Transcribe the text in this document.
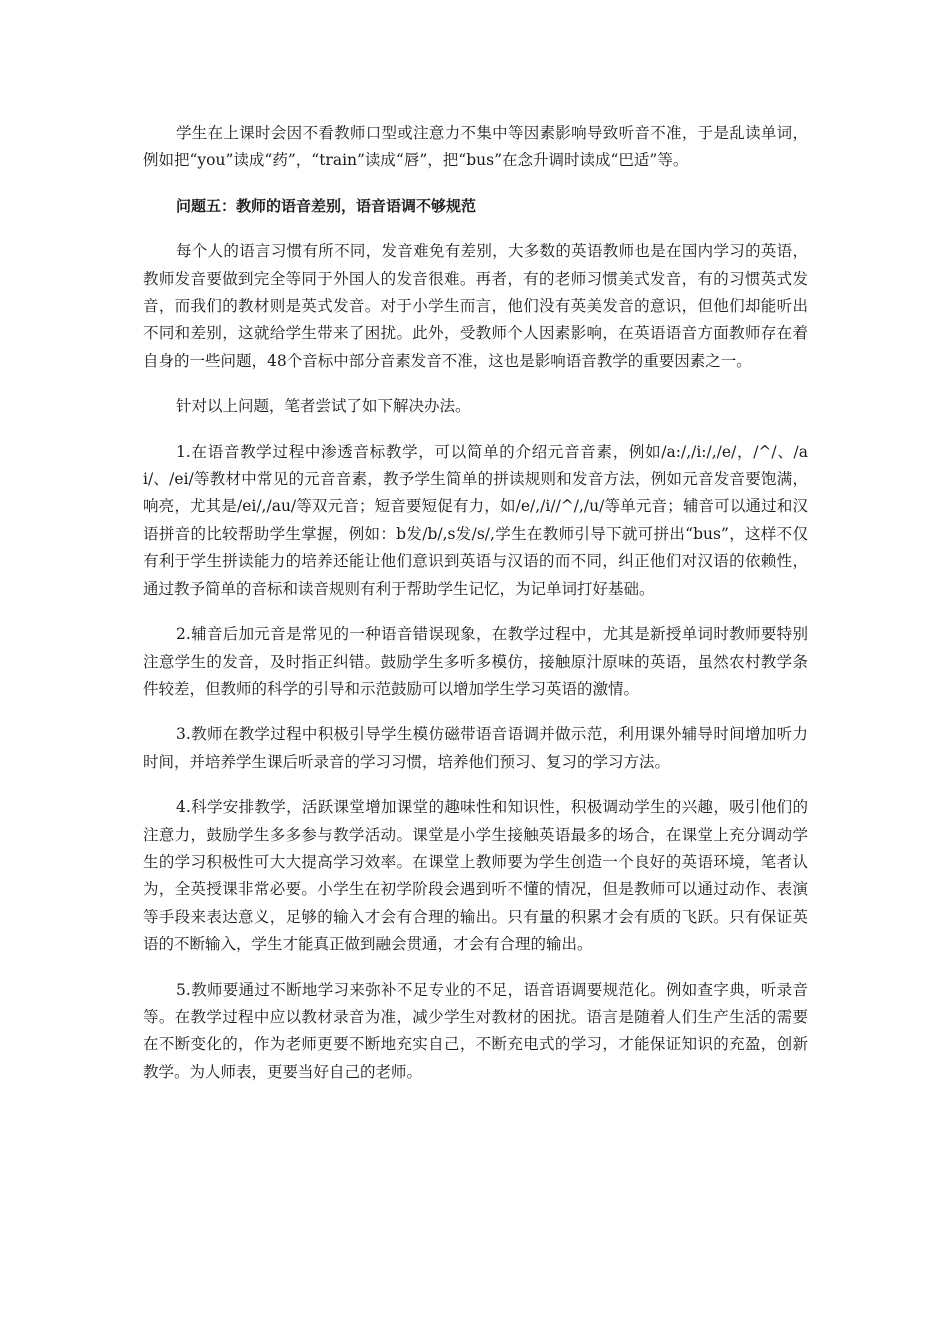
学生在上课时会因不看教师口型或注意力不集中等因素影响导致听音不准，于是乱读单词，例如把“you”读成“药”，“train”读成“唇”，把“bus”在念升调时读成“巴适”等。

问题五：教师的语音差别，语音语调不够规范

每个人的语言习惯有所不同，发音难免有差别，大多数的英语教师也是在国内学习的英语，教师发音要做到完全等同于外国人的发音很难。再者，有的老师习惯美式发音，有的习惯英式发音，而我们的教材则是英式发音。对于小学生而言，他们没有英美发音的意识，但他们却能听出不同和差别，这就给学生带来了困扰。此外，受教师个人因素影响，在英语语音方面教师存在着自身的一些问题，48个音标中部分音素发音不准，这也是影响语音教学的重要因素之一。

针对以上问题，笔者尝试了如下解决办法。

1.在语音教学过程中渗透音标教学，可以简单的介绍元音音素，例如/a:/,/i:/,/e/，/^/、/ai/、/ei/等教材中常见的元音音素，教予学生简单的拼读规则和发音方法，例如元音发音要饱满，响亮，尤其是/ei/,/au/等双元音；短音要短促有力，如/e/,/i//^/,/u/等单元音；辅音可以通过和汉语拼音的比较帮助学生掌握，例如：b发/b/,s发/s/,学生在教师引导下就可拼出“bus”，这样不仅有利于学生拼读能力的培养还能让他们意识到英语与汉语的而不同，纠正他们对汉语的依赖性，通过教予简单的音标和读音规则有利于帮助学生记忆，为记单词打好基础。

2.辅音后加元音是常见的一种语音错误现象，在教学过程中，尤其是新授单词时教师要特别注意学生的发音，及时指正纠错。鼓励学生多听多模仿，接触原汁原味的英语，虽然农村教学条件较差，但教师的科学的引导和示范鼓励可以增加学生学习英语的激情。

3.教师在教学过程中积极引导学生模仿磁带语音语调并做示范，利用课外辅导时间增加听力时间，并培养学生课后听录音的学习习惯，培养他们预习、复习的学习方法。

4.科学安排教学，活跃课堂增加课堂的趣味性和知识性，积极调动学生的兴趣，吸引他们的注意力，鼓励学生多多参与教学活动。课堂是小学生接触英语最多的场合，在课堂上充分调动学生的学习积极性可大大提高学习效率。在课堂上教师要为学生创造一个良好的英语环境，笔者认为，全英授课非常必要。小学生在初学阶段会遇到听不懂的情况，但是教师可以通过动作、表演等手段来表达意义，足够的输入才会有合理的输出。只有量的积累才会有质的飞跃。只有保证英语的不断输入，学生才能真正做到融会贯通，才会有合理的输出。

5.教师要通过不断地学习来弥补不足专业的不足，语音语调要规范化。例如查字典，听录音等。在教学过程中应以教材录音为准，减少学生对教材的困扰。语言是随着人们生产生活的需要在不断变化的，作为老师更要不断地充实自己，不断充电式的学习，才能保证知识的充盈，创新教学。为人师表，更要当好自己的老师。
